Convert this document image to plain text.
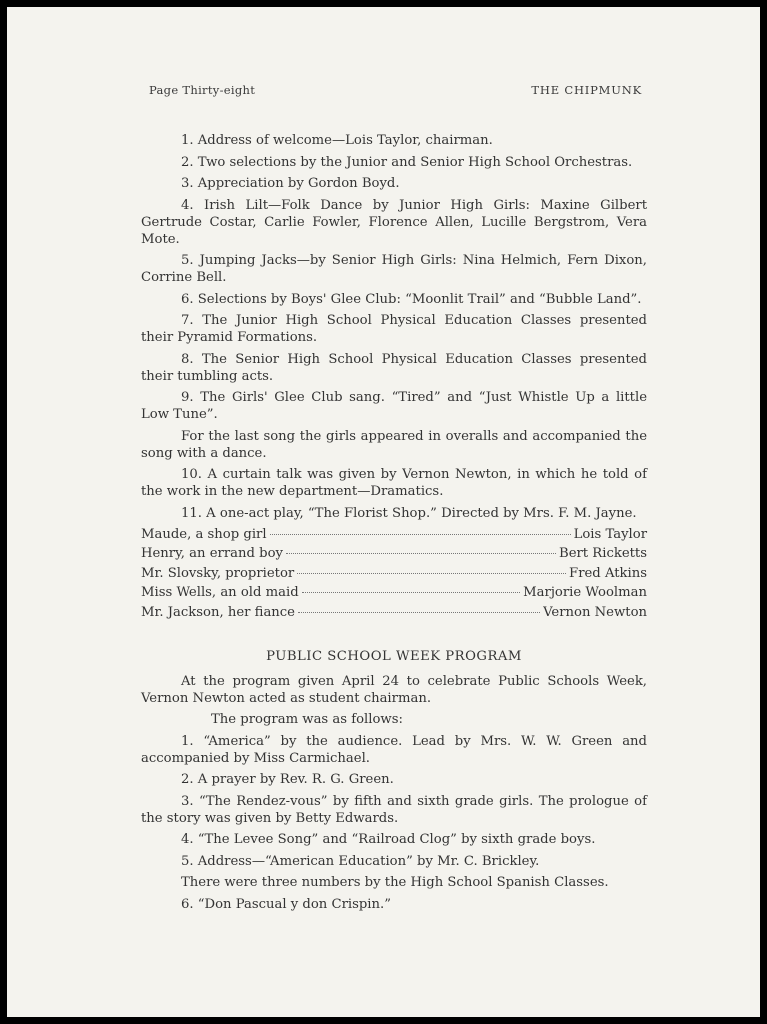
Page Thirty-eight	THE CHIPMUNK

1. Address of welcome—Lois Taylor, chairman.

2. Two selections by the Junior and Senior High School Orchestras.

3. Appreciation by Gordon Boyd.

4. Irish Lilt—Folk Dance by Junior High Girls: Maxine Gilbert Gertrude Costar, Carlie Fowler, Florence Allen, Lucille Bergstrom, Vera Mote.

5. Jumping Jacks—by Senior High Girls: Nina Helmich, Fern Dixon, Corrine Bell.

6. Selections by Boys' Glee Club: “Moonlit Trail” and “Bubble Land”.

7. The Junior High School Physical Education Classes presented their Pyramid Formations.

8. The Senior High School Physical Education Classes presented their tumbling acts.

9. The Girls' Glee Club sang. “Tired” and “Just Whistle Up a little Low Tune”.

For the last song the girls appeared in overalls and accompanied the song with a dance.

10. A curtain talk was given by Vernon Newton, in which he told of the work in the new department—Dramatics.

11. A one-act play, “The Florist Shop.” Directed by Mrs. F. M. Jayne.

Maude, a shop girl	Lois Taylor
Henry, an errand boy	Bert Ricketts
Mr. Slovsky, proprietor	Fred Atkins
Miss Wells, an old maid	Marjorie Woolman
Mr. Jackson, her fiance	Vernon Newton
PUBLIC SCHOOL WEEK PROGRAM

At the program given April 24 to celebrate Public Schools Week, Vernon Newton acted as student chairman.

The program was as follows:

1. “America” by the audience. Lead by Mrs. W. W. Green and accompanied by Miss Carmichael.

2. A prayer by Rev. R. G. Green.

3. “The Rendez-vous” by fifth and sixth grade girls. The prologue of the story was given by Betty Edwards.

4. “The Levee Song” and “Railroad Clog” by sixth grade boys.

5. Address—“American Education” by Mr. C. Brickley.

There were three numbers by the High School Spanish Classes.

6. “Don Pascual y don Crispin.”
